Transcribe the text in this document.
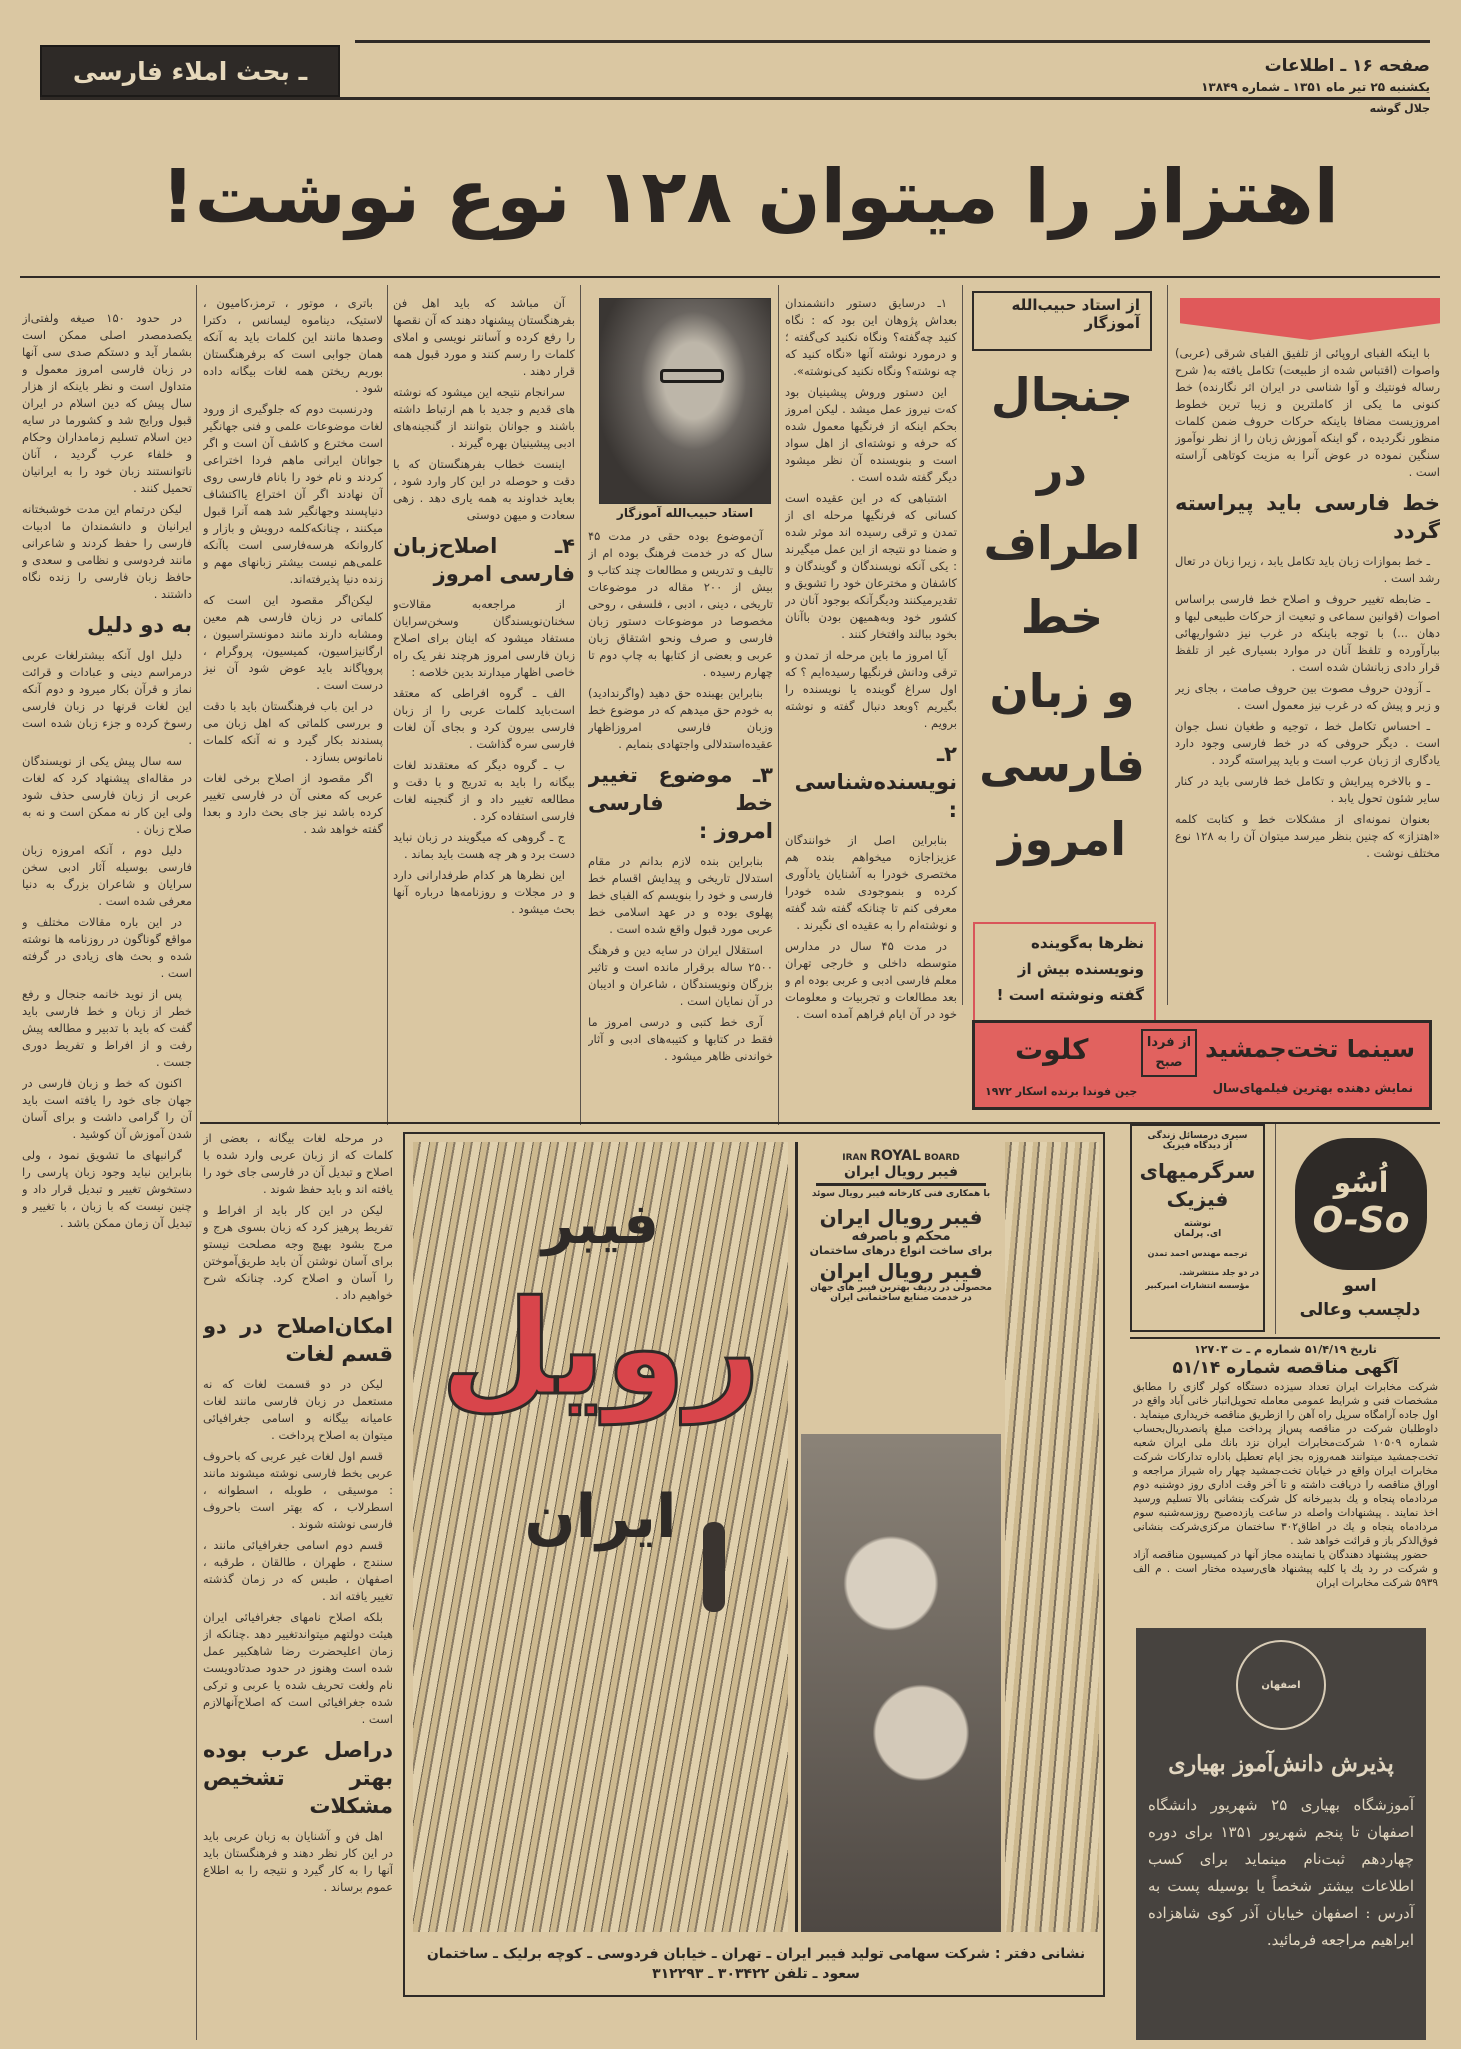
ـ بحث املاء فارسی	صفحه ۱۶ ـ اطلاعات
یکشنبه ۲۵ تیر ماه ۱۳۵۱ ـ شماره ۱۳۸۴۹
جلال گوشه
اهتزاز را میتوان ۱۲۸ نوع نوشت!

با اینکه الفبای اروپائی از تلفیق الفبای شرقی (عربی) واصوات (اقتباس شده از طبیعت) تکامل یافته به( شرح رساله فونتیك و آوا شناسی در ایران اثر نگارنده) خط کنونی ما یکی از کاملترین و زیبا ترین خطوط امروزیست مضافا باینکه حرکات حروف ضمن کلمات منظور نگردیده ، گو اینکه آموزش زبان را از نظر نوآموز سنگین نموده در عوض آنرا به مزیت کوتاهی آراسته است .

خط فارسی باید پیراسته گردد

ـ خط بموازات زبان باید تکامل یابد ، زیرا زبان در تعال رشد است .

ـ ضابطه تغییر حروف و اصلاح خط فارسی براساس اصوات (قوانین سماعی و تبعیت از حرکات طبیعی لبها و دهان ...) با توجه باینکه در غرب نیز دشواریهائی ببارآورده و تلفظ آنان در موارد بسیاری غیر از تلفظ قرار دادی زبانشان شده است .

ـ آزودن حروف مصوت بین حروف صامت ، بجای زیر و زبر و پیش که در غرب نیز معمول است .

ـ احساس تکامل خط ، توجیه و طغیان نسل جوان است . دیگر حروفی که در خط فارسی وجود دارد یادگاری از زبان عرب است و باید پیراسته گردد .

ـ و بالاخره پیرایش و تکامل خط فارسی باید در کنار سایر شئون تحول یابد .

بعنوان نمونه‌ای از مشکلات خط و کتابت کلمه «اهتزاز» که چنین بنظر میرسد میتوان آن را به ۱۲۸ نوع مختلف نوشت .

از استاد حبیب‌الله آموزگار
جنجال
در
اطراف
خط
و زبان
فارسی
امروز
نظرها به‌گوینده ونویسنده بیش از گفته ونوشته است !

۱ـ درسایق دستور دانشمندان بعداش پژوهان این بود که : نگاه کنید چه‌گفته؟ ونگاه نکنید کی‌گفته ؛ و درمورد نوشته آنها «نگاه کنید که چه نوشته؟ ونگاه نکنید کی‌نوشته».

این دستور وروش پیشینیان بود که‌ت نیروز عمل میشد . لیکن امروز بحکم اینکه از فرنگیها معمول شده که حرفه و نوشته‌ای از اهل سواد است و بنویسنده آن نظر میشود دیگر گفته شده است .

اشتباهی که در این عقیده است کسانی که فرنگیها مرحله ای از تمدن و ترقی رسیده اند موثر شده و ضمنا دو نتیجه از این عمل میگیرند : یکی آنکه نویسندگان و گویندگان و کاشفان و مخترعان خود را تشویق و تقدیرمیکنند ودیگرآنکه بوجود آنان در کشور خود وبه‌همیهن بودن باآنان بخود ببالند وافتخار کنند .

آیا امروز ما باین مرحله از تمدن و ترقی ودانش فرنگیها رسیده‌ایم ؟ که اول سراغ گوینده یا نویسنده را بگیریم ؟وبعد دنبال گفته و نوشته برویم .

۲ـ نویسنده‌شناسی :

بنابراین اصل از خوانندگان عزیزاجازه میخواهم بنده هم مختصری خودرا به آشنایان یادآوری کرده و بنموجودی شده خودرا معرفی کنم تا چنانکه گفته شد گفته و نوشته‌ام را به عقیده ای نگیرند .

در مدت ۴۵ سال در مدارس متوسطه داخلی و خارجی تهران معلم فارسی ادبی و عربی بوده ام و بعد مطالعات و تجربیات و معلومات خود در آن ایام فراهم آمده است .

استاد حبیب‌الله آموزگار

آن‌موضوع بوده حقی در مدت ۴۵ سال که در خدمت فرهنگ بوده ام از تالیف و تدریس و مطالعات چند کتاب و بیش از ۲۰۰ مقاله در موضوعات تاریخی ، دینی ، ادبی ، فلسفی ، روحی مخصوصا در موضوعات دستور زبان فارسی و صرف ونحو اشتقاق زبان عربی و بعضی از کتابها به چاپ دوم تا چهارم رسیده .

بنابراین بهبنده حق دهید (واگرندادید) به خودم حق میدهم که در موضوع خط وزبان فارسی امروزاظهار عقیده‌استدلالی واجتهادی بنمایم .

۳ـ موضوع تغییر خط فارسی امروز :

بنابراین بنده لازم بدانم در مقام استدلال تاریخی و پیدایش اقسام خط فارسی و خود را بنویسم که الفبای خط پهلوی بوده و در عهد اسلامی خط عربی مورد قبول واقع شده است .

استقلال ایران در سایه دین و فرهنگ ۲۵۰۰ ساله برقرار مانده است و تاثیر بزرگان ونویسندگان ، شاعران و ادیبان در آن نمایان است .

آری خط کتبی و درسی امروز ما فقط در کتابها و کتیبه‌های ادبی و آثار خواندنی ظاهر میشود .

آن‌ مباشد که باید اهل فن بفرهنگستان پیشنهاد دهند که آن نقصها را رفع کرده و آسانتر نویسی و املای کلمات را رسم کنند و مورد قبول همه قرار دهند .

سرانجام نتیجه این میشود که نوشته های قدیم و جدید با هم ارتباط داشته باشند و جوانان بتوانند از گنجینه‌های ادبی پیشینیان بهره گیرند .

اینست خطاب بفرهنگستان که با دقت و حوصله در این کار وارد شود ، بعاید خداوند به همه یاری دهد . زهی سعادت و میهن دوستی

۴ـ اصلاح‌زبان فارسی امروز

از مراجعه‌به مقالات‌و سخنان‌نویسندگان وسخن‌سرایان مستفاد میشود که اینان برای اصلاح زبان فارسی امروز هرچند نفر یک راه خاصی اظهار میدارند بدین خلاصه :

الف ـ گروه افراطی که معتقد است‌باید کلمات عربی را از زبان فارسی بیرون کرد و بجای آن لغات فارسی سره گذاشت .

ب ـ گروه دیگر که معتقدند لغات بیگانه را باید به تدریج و با دقت و مطالعه تغییر داد و از گنجینه لغات فارسی استفاده کرد .

ج ـ گروهی که میگویند در زبان نباید دست برد و هر چه هست باید بماند .

این نظرها هر کدام طرفدارانی دارد و در مجلات و روزنامه‌ها درباره آنها بحث میشود .

باتری ، موتور ، ترمز،کامیون ، لاستیک، دیناموه لیسانس ، دکترا وصدها مانند این کلمات باید به آنکه همان جوابی است که برفرهنگستان بوریم ریختن همه لغات بیگانه داده شود .

ودرنسبت دوم که جلوگیری از ورود لغات موضوعات علمی و فنی جهانگیر است مخترع و کاشف آن است و اگر جوانان ایرانی ماهم فردا اختراعی کردند و نام خود را بانام فارسی روی آن نهادند اگر آن اختراع یااکتشاف دنیاپسند وجهانگیر شد همه آنرا قبول میکنند ، چنانکه‌کلمه درویش و بازار و کاروانکه هرسه‌فارسی است باآنکه علمی‌هم نیست بیشتر زبانهای مهم و زنده دنیا پذیرفته‌اند.

لیکن‌اگر مقصود این است که کلماتی در زبان فارسی هم معین ومشابه دارند مانند دمونستراسیون ، ارگانیزاسیون، کمیسیون، پروگرام ، پروپاگاند باید عوض شود آن نیز درست است .

در این باب فرهنگستان باید با دقت و بررسی کلماتی که اهل زبان می پسندند بکار گیرد و نه آنکه کلمات نامانوس بسازد .

اگر مقصود از اصلاح برخی لغات عربی که معنی آن در فارسی تغییر کرده باشد نیز جای بحث دارد و بعدا گفته خواهد شد .

در حدود ۱۵۰ صیغه ولفتی‌از یکصدمصدر اصلی ممکن است بشمار آید و دستکم صدی سی آنها در زبان فارسی امروز معمول و متداول است و نظر باینکه از هزار سال پیش که دین اسلام در ایران قبول ورایج شد و کشورما در سایه دین اسلام تسلیم زمامداران وحکام و خلفاء عرب گردید ، آنان ناتوانستند زبان خود را به ایرانیان تحمیل کنند .

لیکن درتمام این مدت خوشبختانه ایرانیان و دانشمندان ما ادبیات فارسی را حفظ کردند و شاعرانی مانند فردوسی و نظامی و سعدی و حافظ زبان فارسی را زنده نگاه داشتند .

به دو دلیل

دلیل اول آنکه بیشترلغات عربی درمراسم دینی و عبادات و قرائت نماز و قرآن بکار میرود و دوم آنکه این لغات قرنها در زبان فارسی رسوخ کرده و جزء زبان شده است .

سه سال پیش یکی از نویسندگان در مقاله‌ای پیشنهاد کرد که لغات عربی از زبان فارسی حذف شود ولی این کار نه ممکن است و نه به صلاح زبان .

دلیل دوم ، آنکه امروزه زبان فارسی بوسیله آثار ادبی سخن سرایان و شاعران بزرگ به دنیا معرفی شده است .

در این باره مقالات مختلف و مواقع گوناگون در روزنامه ها نوشته شده و بحث های زیادی در گرفته است .

پس از نوید خانمه جنجال و رفع خطر از زبان و خط فارسی باید گفت که باید با تدبیر و مطالعه پیش رفت و از افراط و تفریط دوری جست .

اکنون که خط و زبان فارسی در جهان جای خود را یافته است باید آن را گرامی داشت و برای آسان شدن آموزش آن کوشید .

گرانبهای ما تشویق نمود ، ولی بنابراین نباید وجود زبان پارسی را دستخوش تغییر و تبدیل قرار داد و چنین نیست که با زبان ، با تغییر و تبدیل آن زمان ممکن باشد .

در مرحله لغات بیگانه ، بعضی از کلمات که از زبان عربی وارد شده با اصلاح و تبدیل آن در فارسی جای خود را یافته اند و باید حفظ شوند .

لیکن در این کار باید از افراط و تفریط پرهیز کرد که زبان بسوی هرج و مرج بشود بهیچ وجه مصلحت نیستو برای آسان نوشتن آن باید طریق‌آموختن را آسان و اصلاح کرد. چنانکه شرح خواهیم داد .

امکان‌اصلاح در دو قسم لغات

لیکن در دو قسمت لغات که نه مستعمل در زبان فارسی مانند لغات عامیانه بیگانه و اسامی جغرافیائی میتوان به اصلاح پرداخت .

قسم اول لغات غیر عربی که باحروف عربی بخط فارسی نوشته میشوند مانند : موسیقی ، طوبله ، اسطوانه ، اسطرلاب ، که بهتر است باحروف فارسی نوشته شوند .

قسم دوم اسامی جغرافیائی مانند ، سنندج ، طهران ، طالقان ، طرقبه ، اصفهان ، طبس که در زمان گذشته تغییر یافته اند .

بلکه اصلاح نامهای جغرافیائی ایران هیئت دولتهم میتواندتغییر دهد .چنانکه از زمان اعلیحضرت رضا شاهکبیر عمل شده است وهنوز در حدود صدتادویست نام ولغت تحریف شده یا عربی و ترکی شده جغرافیائی است که اصلاح‌آنهالازم است .

دراصل عرب بوده بهتر تشخیص مشکلات

اهل فن و آشنایان به زبان عربی باید در این کار نظر دهند و فرهنگستان باید آنها را به کار گیرد و نتیجه را به اطلاع عموم برساند .

سینما تخت‌جمشید
نمایش دهنده بهترین فیلمهای‌سال
از فردا صبح
کلوت
جین فوندا برنده اسکار ۱۹۷۲
فیبر
رویل
ایران
IRAN ROYAL BOARD
فیبر رویال ایران
با همکاری فنی کارخانه فیبر رویال سوئد
فیبر رویال ایران
محکم و باصرفه
برای ساخت انواع درهای ساختمان
فیبر رویال ایران
محصولی در ردیف بهترین فیبر های جهان
در خدمت صنایع ساختمانی ایران
نشانی دفتر : شرکت سهامی تولید فیبر ایران ـ تهران ـ خیابان فردوسی ـ کوچه برلیک ـ ساختمان سعود ـ تلفن ۳۰۳۴۲۲ ـ ۳۱۲۲۹۳
سیری درمسائل زندگی
از دیدگاه فیزیک
سرگرمیهای فیزیک
نوشته
ای. پرلمان
ترجمه مهندس احمد تمدن
در دو جلد منتشرشد.
مؤسسه انتشارات امیرکبیر
اُسُو
O-So
اسو
دلچسب وعالی
تاریخ ۵۱/۴/۱۹ شماره م ـ ت ۱۲۷۰۳
آگهی مناقصه شماره ۵۱/۱۴
شرکت مخابرات ایران تعداد سیزده دستگاه کولر گازی را مطابق مشخصات فنی و شرایط عمومی معامله تحویل‌انبار خانی آباد واقع در اول جاده آرامگاه سرپل راه آهن را ازطریق مناقصه خریداری مینماید . داوطلبان شرکت در مناقصه پس‌از پرداخت مبلغ پانصدریال‌بحساب شماره ۱۰۵۰۹ شرکت‌مخابرات ایران نزد بانك ملی ایران شعبه تخت‌جمشید میتوانند همه‌روزه بجز ایام تعطیل باداره تدارکات شرکت مخابرات ایران واقع در خیابان تخت‌جمشید چهار راه شیراز مراجعه و اوراق مناقصه را دریافت داشته و تا آخر وقت اداری روز دوشنبه دوم مردادماه پنجاه و یك بدبیرخانه کل شرکت بنشانی بالا تسلیم ورسید اخذ نمایند . پیشنهادات واصله در ساعت یازده‌صبح روزسه‌شنبه سوم مردادماه پنجاه و یك در اطاق۳۰۲ ساختمان مرکزی‌شرکت بنشانی فوق‌الذکر باز و قرائت خواهد شد .
حضور پیشنهاد دهندگان یا نماینده مجاز آنها در کمیسیون مناقصه آزاد و شرکت در رد یك یا کلیه پیشنهاد های‌رسیده مختار است . م الف ۵۹۳۹ شرکت مخابرات ایران
اصفهان
پذیرش دانش‌آموز بهیاری
آموزشگاه بهیاری ۲۵ شهریور دانشگاه اصفهان تا پنجم شهریور ۱۳۵۱ برای دوره چهاردهم ثبت‌نام مینماید برای کسب اطلاعات بیشتر شخصاً یا بوسیله پست به آدرس : اصفهان خیابان آذر کوی شاهزاده ابراهیم مراجعه فرمائید.
